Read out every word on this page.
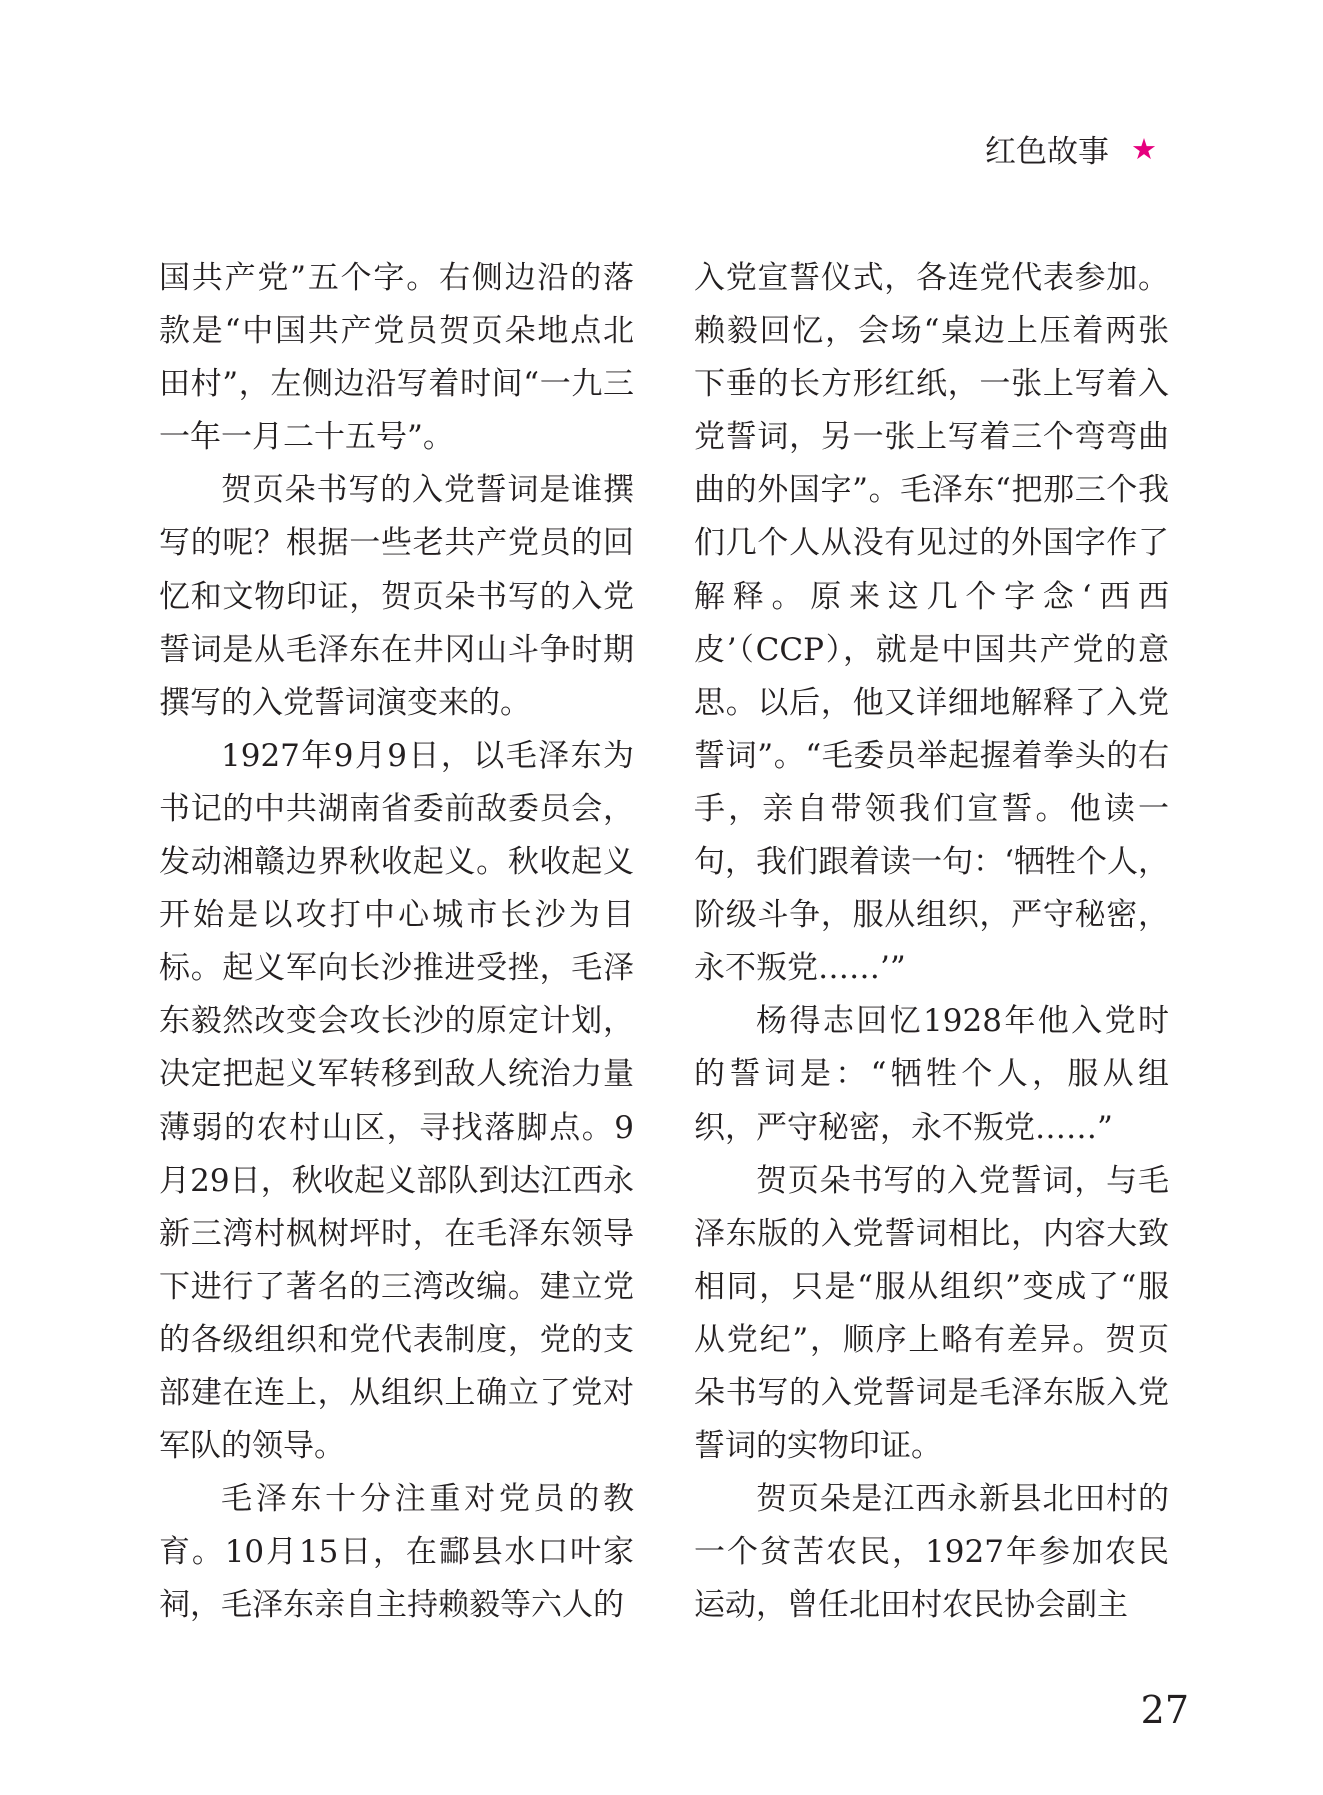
红色故事 ★

国共产党”五个字。右侧边沿的落款是“中国共产党员贺页朵地点北田村”，左侧边沿写着时间“一九三一年一月二十五号”。

贺页朵书写的入党誓词是谁撰写的呢？根据一些老共产党员的回忆和文物印证，贺页朵书写的入党誓词是从毛泽东在井冈山斗争时期撰写的入党誓词演变来的。

1927年9月9日，以毛泽东为书记的中共湖南省委前敌委员会，发动湘赣边界秋收起义。秋收起义开始是以攻打中心城市长沙为目标。起义军向长沙推进受挫，毛泽东毅然改变会攻长沙的原定计划，决定把起义军转移到敌人统治力量薄弱的农村山区，寻找落脚点。9月29日，秋收起义部队到达江西永新三湾村枫树坪时，在毛泽东领导下进行了著名的三湾改编。建立党的各级组织和党代表制度，党的支部建在连上，从组织上确立了党对军队的领导。

毛泽东十分注重对党员的教育。10月15日，在酃县水口叶家祠，毛泽东亲自主持赖毅等六人的

入党宣誓仪式，各连党代表参加。赖毅回忆，会场“桌边上压着两张下垂的长方形红纸，一张上写着入党誓词，另一张上写着三个弯弯曲曲的外国字”。毛泽东“把那三个我们几个人从没有见过的外国字作了解释。原来这几个字念‘西西皮’（CCP），就是中国共产党的意思。以后，他又详细地解释了入党誓词”。“毛委员举起握着拳头的右手，亲自带领我们宣誓。他读一句，我们跟着读一句：‘牺牲个人，阶级斗争，服从组织，严守秘密，永不叛党……’”

杨得志回忆1928年他入党时的誓词是：“牺牲个人，服从组织，严守秘密，永不叛党……”

贺页朵书写的入党誓词，与毛泽东版的入党誓词相比，内容大致相同，只是“服从组织”变成了“服从党纪”，顺序上略有差异。贺页朵书写的入党誓词是毛泽东版入党誓词的实物印证。

贺页朵是江西永新县北田村的一个贫苦农民，1927年参加农民运动，曾任北田村农民协会副主

27
